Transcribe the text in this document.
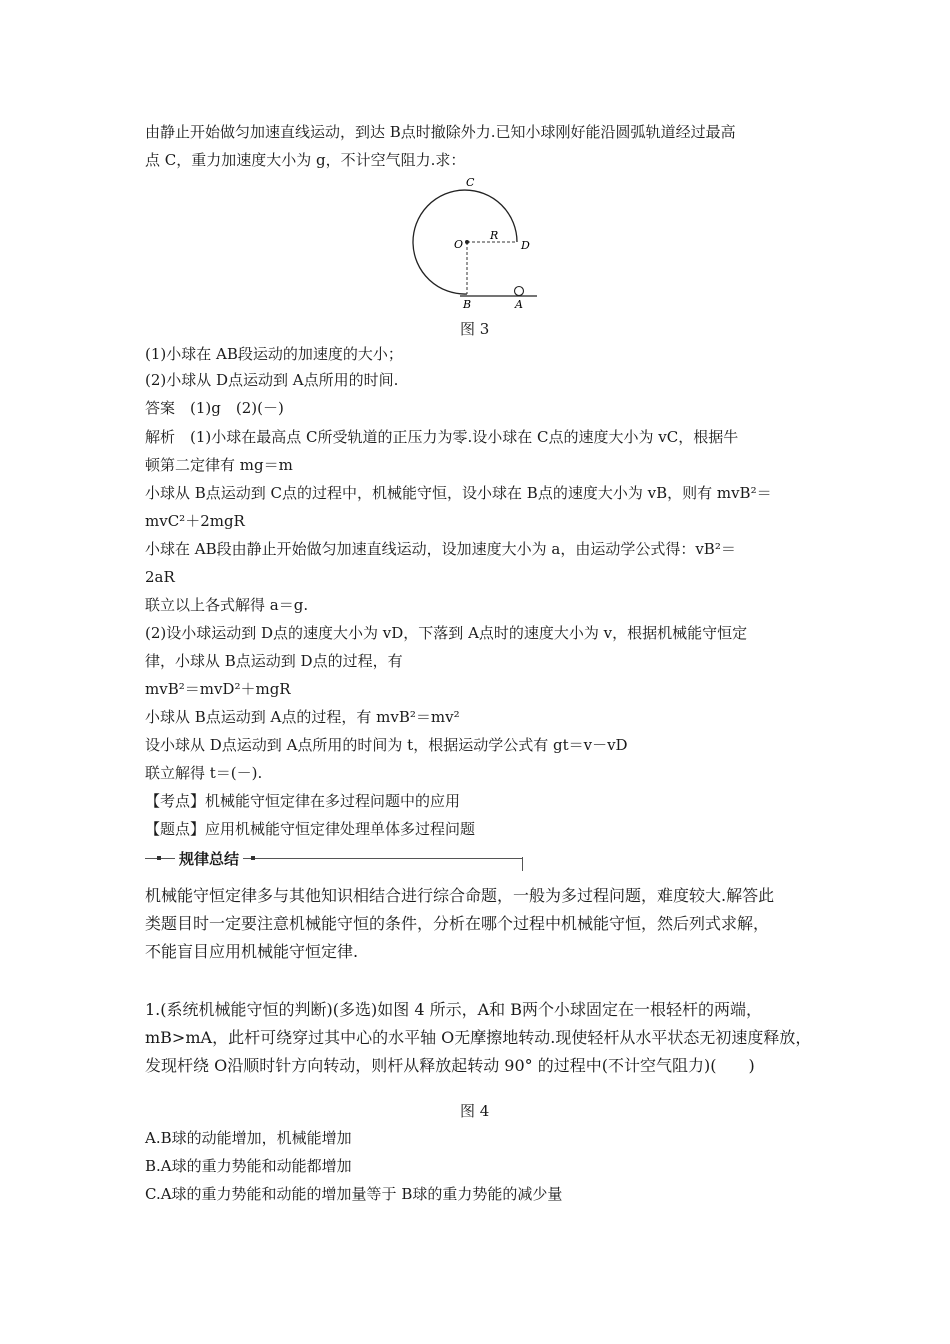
由静止开始做匀加速直线运动，到达 B点时撤除外力.已知小球刚好能沿圆弧轨道经过最高
点 C，重力加速度大小为 g，不计空气阻力.求：
C
O
R
D
B	A
图 3
(1)小球在 AB段运动的加速度的大小；
(2)小球从 D点运动到 A点所用的时间.
答案　(1)g　(2)(－)
解析　(1)小球在最高点 C所受轨道的正压力为零.设小球在 C点的速度大小为 vC，根据牛
顿第二定律有 mg＝m
小球从 B点运动到 C点的过程中，机械能守恒，设小球在 B点的速度大小为 vB，则有 mvB²＝
mvC²＋2mgR
小球在 AB段由静止开始做匀加速直线运动，设加速度大小为 a，由运动学公式得：vB²＝
2aR
联立以上各式解得 a＝g.
(2)设小球运动到 D点的速度大小为 vD，下落到 A点时的速度大小为 v，根据机械能守恒定
律，小球从 B点运动到 D点的过程，有
mvB²＝mvD²＋mgR
小球从 B点运动到 A点的过程，有 mvB²＝mv²
设小球从 D点运动到 A点所用的时间为 t，根据运动学公式有 gt＝v－vD
联立解得 t＝(－).
【考点】机械能守恒定律在多过程问题中的应用
【题点】应用机械能守恒定律处理单体多过程问题
规律总结
机械能守恒定律多与其他知识相结合进行综合命题，一般为多过程问题，难度较大.解答此
类题目时一定要注意机械能守恒的条件，分析在哪个过程中机械能守恒，然后列式求解，
不能盲目应用机械能守恒定律.
1.(系统机械能守恒的判断)(多选)如图 4 所示，A和 B两个小球固定在一根轻杆的两端，
mB>mA，此杆可绕穿过其中心的水平轴 O无摩擦地转动.现使轻杆从水平状态无初速度释放，
发现杆绕 O沿顺时针方向转动，则杆从释放起转动 90° 的过程中(不计空气阻力)(　　)
图 4
A.B球的动能增加，机械能增加
B.A球的重力势能和动能都增加
C.A球的重力势能和动能的增加量等于 B球的重力势能的减少量
